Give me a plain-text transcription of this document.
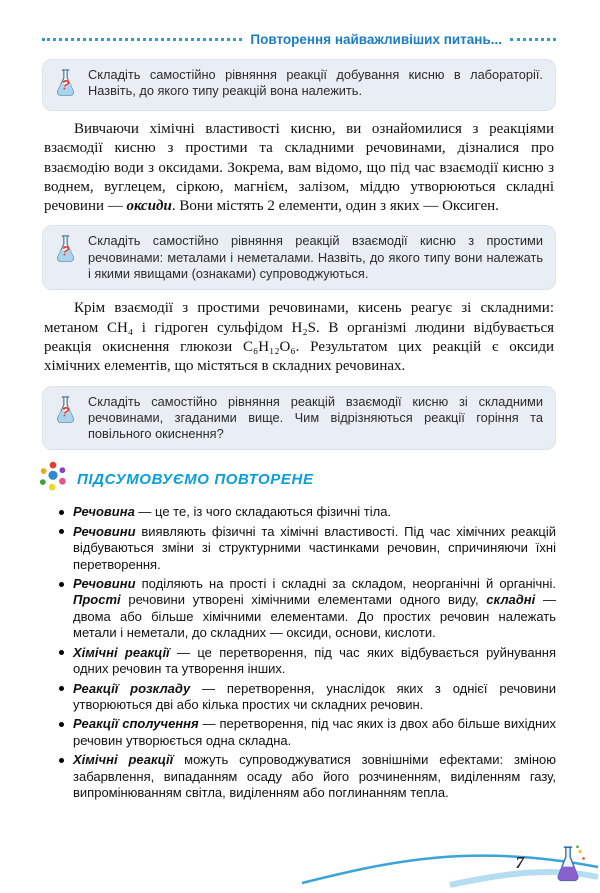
Повторення найважливіших питань...
?

Складіть самостійно рівняння реакції добування кисню в лабораторії. Назвіть, до якого типу реакцій вона належить.

Вивчаючи хімічні властивості кисню, ви ознайомилися з реакціями взаємодії кисню з простими та складними речовинами, дізналися про взаємодію води з оксидами. Зокрема, вам відомо, що під час взаємодії кисню з воднем, вуглецем, сіркою, магнієм, залізом, міддю утворюються складні речовини — оксиди. Вони містять 2 елементи, один з яких — Оксиген.

?

Складіть самостійно рівняння реакцій взаємодії кисню з простими речовинами: металами і неметалами. Назвіть, до якого типу вони належать і якими явищами (ознаками) супроводжуються.

Крім взаємодії з простими речовинами, кисень реагує зі складними: метаном CH₄ і гідроген сульфідом H₂S. В організмі людини відбувається реакція окиснення глюкози C₆H₁₂O₆. Результатом цих реакцій є оксиди хімічних елементів, що містяться в складних речовинах.

?

Складіть самостійно рівняння реакцій взаємодії кисню зі складними речовинами, згаданими вище. Чим відрізняються реакції горіння та повільного окиснення?

ПІДСУМОВУЄМО ПОВТОРЕНЕ
Речовина — це те, із чого складаються фізичні тіла.
Речовини виявляють фізичні та хімічні властивості. Під час хімічних реакцій відбуваються зміни зі структурними частинками речовин, спричиняючи їхні перетворення.
Речовини поділяють на прості і складні за складом, неорганічні й органічні. Прості речовини утворені хімічними елементами одного виду, складні — двома або більше хімічними елементами. До простих речовин належать метали і неметали, до складних — оксиди, основи, кислоти.
Хімічні реакції — це перетворення, під час яких відбувається руйнування одних речовин та утворення інших.
Реакції розкладу — перетворення, унаслідок яких з однієї речовини утворюються дві або кілька простих чи складних речовин.
Реакції сполучення — перетворення, під час яких із двох або більше вихідних речовин утворюється одна складна.
Хімічні реакції можуть супроводжуватися зовнішніми ефектами: зміною забарвлення, випаданням осаду або його розчиненням, виділенням газу, випромінюванням світла, виділенням або поглинанням тепла.
7
